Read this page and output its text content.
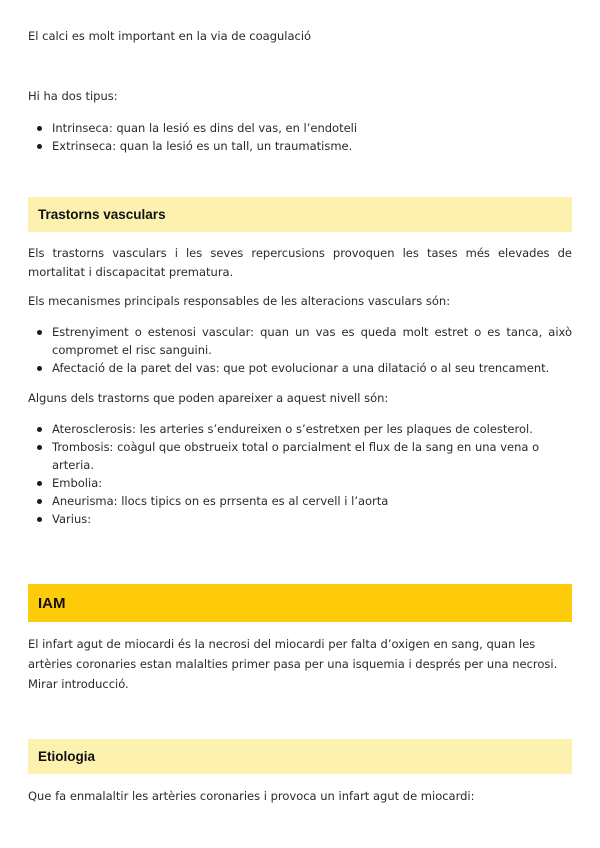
El calci es molt important en la via de coagulació

Hi ha dos tipus:

Intrinseca: quan la lesió es dins del vas, en l’endoteli
Extrinseca: quan la lesió es un tall, un traumatisme.
Trastorns vasculars

Els trastorns vasculars i les seves repercusions provoquen les tases més elevades de mortalitat i discapacitat prematura.

Els mecanismes principals responsables de les alteracions vasculars són:

Estrenyiment o estenosi vascular: quan un vas es queda molt estret o es tanca, això compromet el risc sanguini.
Afectació de la paret del vas: que pot evolucionar a una dilatació o al seu trencament.

Alguns dels trastorns que poden apareixer a aquest nivell són:

Aterosclerosis: les arteries s’endureixen o s’estretxen per les plaques de colesterol.
Trombosis: coàgul que obstrueix total o parcialment el flux de la sang en una vena o arteria.
Embolia:
Aneurisma: llocs tipics on es prrsenta es al cervell i l’aorta
Varius:
IAM

El infart agut de miocardi és la necrosi del miocardi per falta d’oxigen en sang, quan les artèries coronaries estan malalties primer pasa per una isquemia i després per una necrosi. Mirar introducció.

Etiologia

Que fa enmalaltir les artèries coronaries i provoca un infart agut de miocardi:
